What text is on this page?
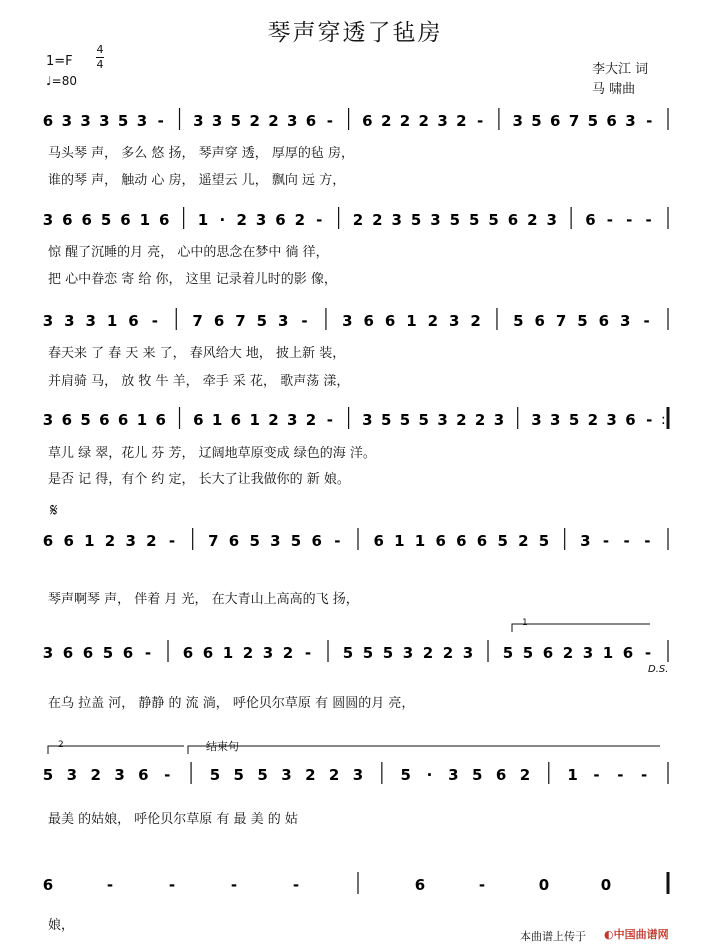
琴声穿透了毡房
1=F
4
4
♩=80
李大江 词
马 啸曲
6 3 3 3 5 3 - 3 3 5 2 2 3 6 - 6 2 2 2 3 2 - 3 5 6 7 5 6 3 -
3 6 6 5 6 1 6 1 · 2 3 6 2 - 2 2 3 5 3 5 5 5 6 2 3 6 - - -
3 3 3 1 6 - 7 6 7 5 3 - 3 6 6 1 2 3 2 5 6 7 5 6 3 -
3 6 5 6 6 1 6 6 1 6 1 2 3 2 - 3 5 5 5 3 2 2 3 3 3 5 2 3 6 - :
6 6 1 2 3 2 - 7 6 5 3 5 6 - 6 1 1 6 6 6 5 2 5 3 - - -
3 6 6 5 6 - 6 6 1 2 3 2 - 5 5 5 3 2 2 3 5 5 6 2 3 1 6 -
5 3 2 3 6 -	5 5 5 3 2 2 3 5 · 3 5 6 2 1 - - -
6	-	-	-	-	6	-	0	0
𝄋
D.S.
1
2	结束句
马头琴 声， 多么 悠 扬， 琴声穿 透， 厚厚的毡 房，
谁的琴 声， 触动 心 房， 遥望云 儿， 飘向 远 方，
惊 醒了沉睡的月 亮， 心中的思念在梦中 徜 徉，
把 心中眷恋 寄 给 你， 这里 记录着儿时的影 像，
春天来 了 春 天 来 了， 春风给大 地， 披上新 装，
并肩骑 马， 放 牧 牛 羊， 牵手 采 花， 歌声荡 漾，
草儿 绿 翠，花儿 芬 芳， 辽阔地草原变成 绿色的海 洋。
是否 记 得，有个 约 定， 长大了让我做你的 新 娘。
琴声啊琴 声， 伴着 月 光， 在大青山上高高的飞 扬，
在乌 拉盖 河， 静静 的 流 淌， 呼伦贝尔草原 有 圆圆的月 亮，
最美 的姑娘， 呼伦贝尔草原 有 最 美 的 姑
娘，
本曲谱上传于 ◐中国曲谱网
